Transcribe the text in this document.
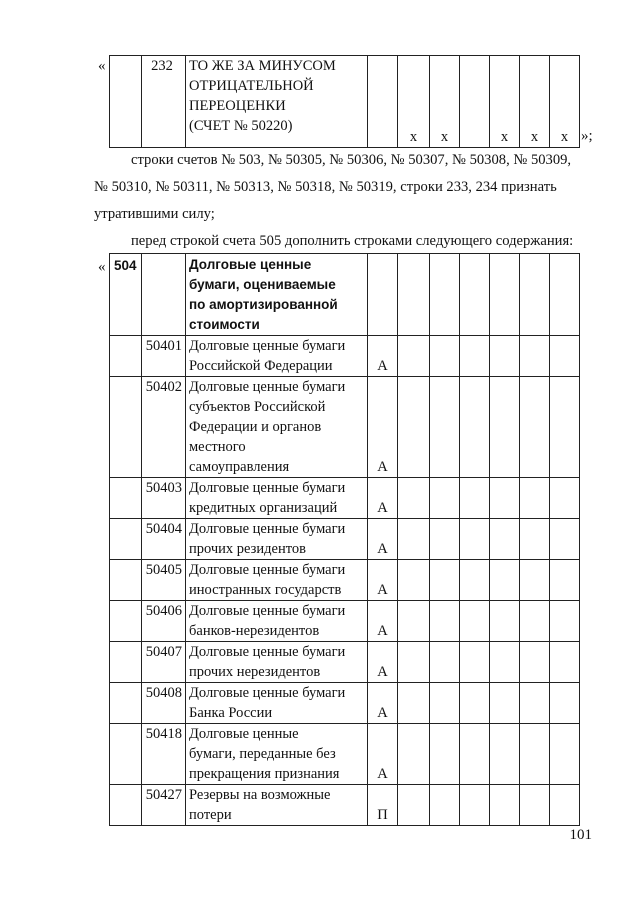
«
		232	ТО ЖЕ ЗА МИНУСОМ
ОТРИЦАТЕЛЬНОЙ
ПЕРЕОЦЕНКИ
(СЧЕТ № 50220)
		х	х		х	х	х »;
строки счетов № 503, № 50305, № 50306, № 50307, № 50308, № 50309,
№ 50310, № 50311, № 50313, № 50318, № 50319, строки 233, 234 признать
утратившими силу;
перед строкой счета 505 дополнить строками следующего содержания:
« 504		Долговые ценные
бумаги, оцениваемые
по амортизированной
стоимости							

	50401	Долговые ценные бумаги
Российской Федерации	А						
	50402	Долговые ценные бумаги
субъектов Российской
Федерации и органов
местного
самоуправления	А						
	50403	Долговые ценные бумаги
кредитных организаций	А						
	50404	Долговые ценные бумаги
прочих резидентов	А						
	50405	Долговые ценные бумаги
иностранных государств	А						
	50406	Долговые ценные бумаги
банков-нерезидентов	А						
	50407	Долговые ценные бумаги
прочих нерезидентов	А						
	50408	Долговые ценные бумаги
Банка России	А						
	50418	Долговые ценные
бумаги, переданные без
прекращения признания	А						
	50427	Резервы на возможные
потери	П						
101
